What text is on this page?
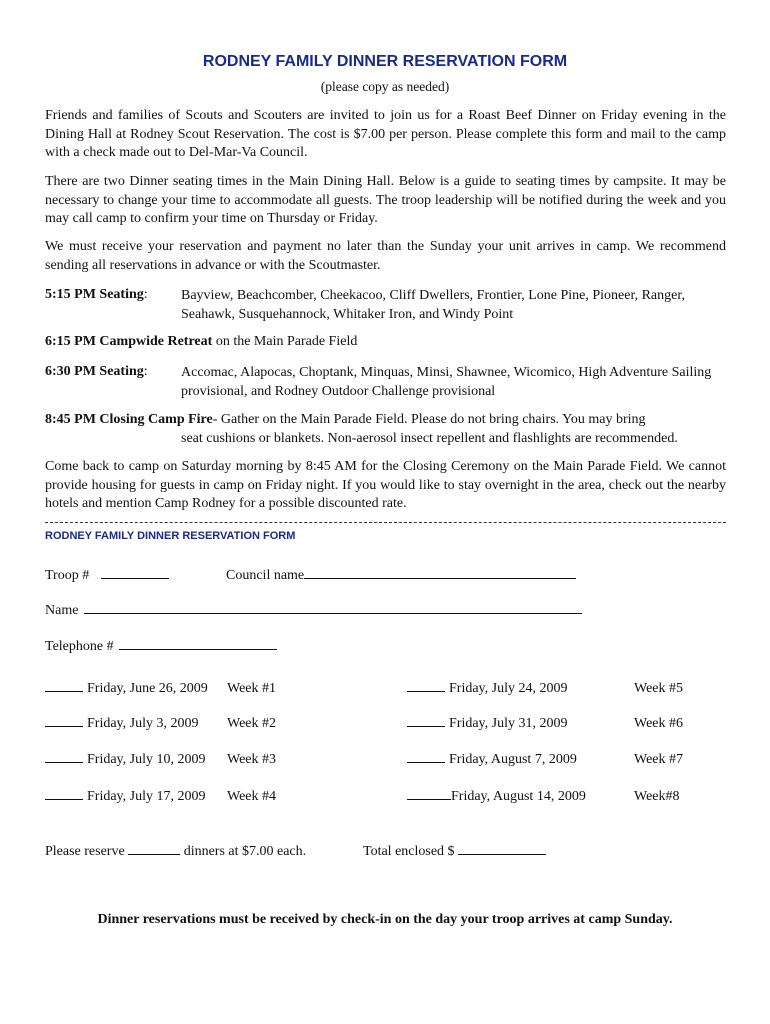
RODNEY FAMILY DINNER RESERVATION FORM
(please copy as needed)

Friends and families of Scouts and Scouters are invited to join us for a Roast Beef Dinner on Friday evening in the Dining Hall at Rodney Scout Reservation. The cost is $7.00 per person. Please complete this form and mail to the camp with a check made out to Del-Mar-Va Council.

There are two Dinner seating times in the Main Dining Hall. Below is a guide to seating times by campsite. It may be necessary to change your time to accommodate all guests. The troop leadership will be notified during the week and you may call camp to confirm your time on Thursday or Friday.

We must receive your reservation and payment no later than the Sunday your unit arrives in camp. We recommend sending all reservations in advance or with the Scoutmaster.

5:15 PM Seating: Bayview, Beachcomber, Cheekacoo, Cliff Dwellers, Frontier, Lone Pine, Pioneer, Ranger, Seahawk, Susquehannock, Whitaker Iron, and Windy Point
6:15 PM Campwide Retreat on the Main Parade Field
6:30 PM Seating: Accomac, Alapocas, Choptank, Minquas, Minsi, Shawnee, Wicomico, High Adventure Sailing provisional, and Rodney Outdoor Challenge provisional
8:45 PM Closing Camp Fire- Gather on the Main Parade Field. Please do not bring chairs. You may bring
seat cushions or blankets. Non-aerosol insect repellent and flashlights are recommended.

Come back to camp on Saturday morning by 8:45 AM for the Closing Ceremony on the Main Parade Field. We cannot provide housing for guests in camp on Friday night. If you would like to stay overnight in the area, check out the nearby hotels and mention Camp Rodney for a possible discounted rate.

RODNEY FAMILY DINNER RESERVATION FORM
Troop #	Council name
Name
Telephone #
Friday, June 26, 2009 Week #1
Friday, July 3, 2009 Week #2
Friday, July 10, 2009 Week #3
Friday, July 17, 2009 Week #4
Friday, July 24, 2009	Week #5
Friday, July 31, 2009	Week #6
Friday, August 7, 2009	Week #7
Friday, August 14, 2009	Week#8
Please reserve	dinners at $7.00 each.	Total enclosed $
Dinner reservations must be received by check-in on the day your troop arrives at camp Sunday.
